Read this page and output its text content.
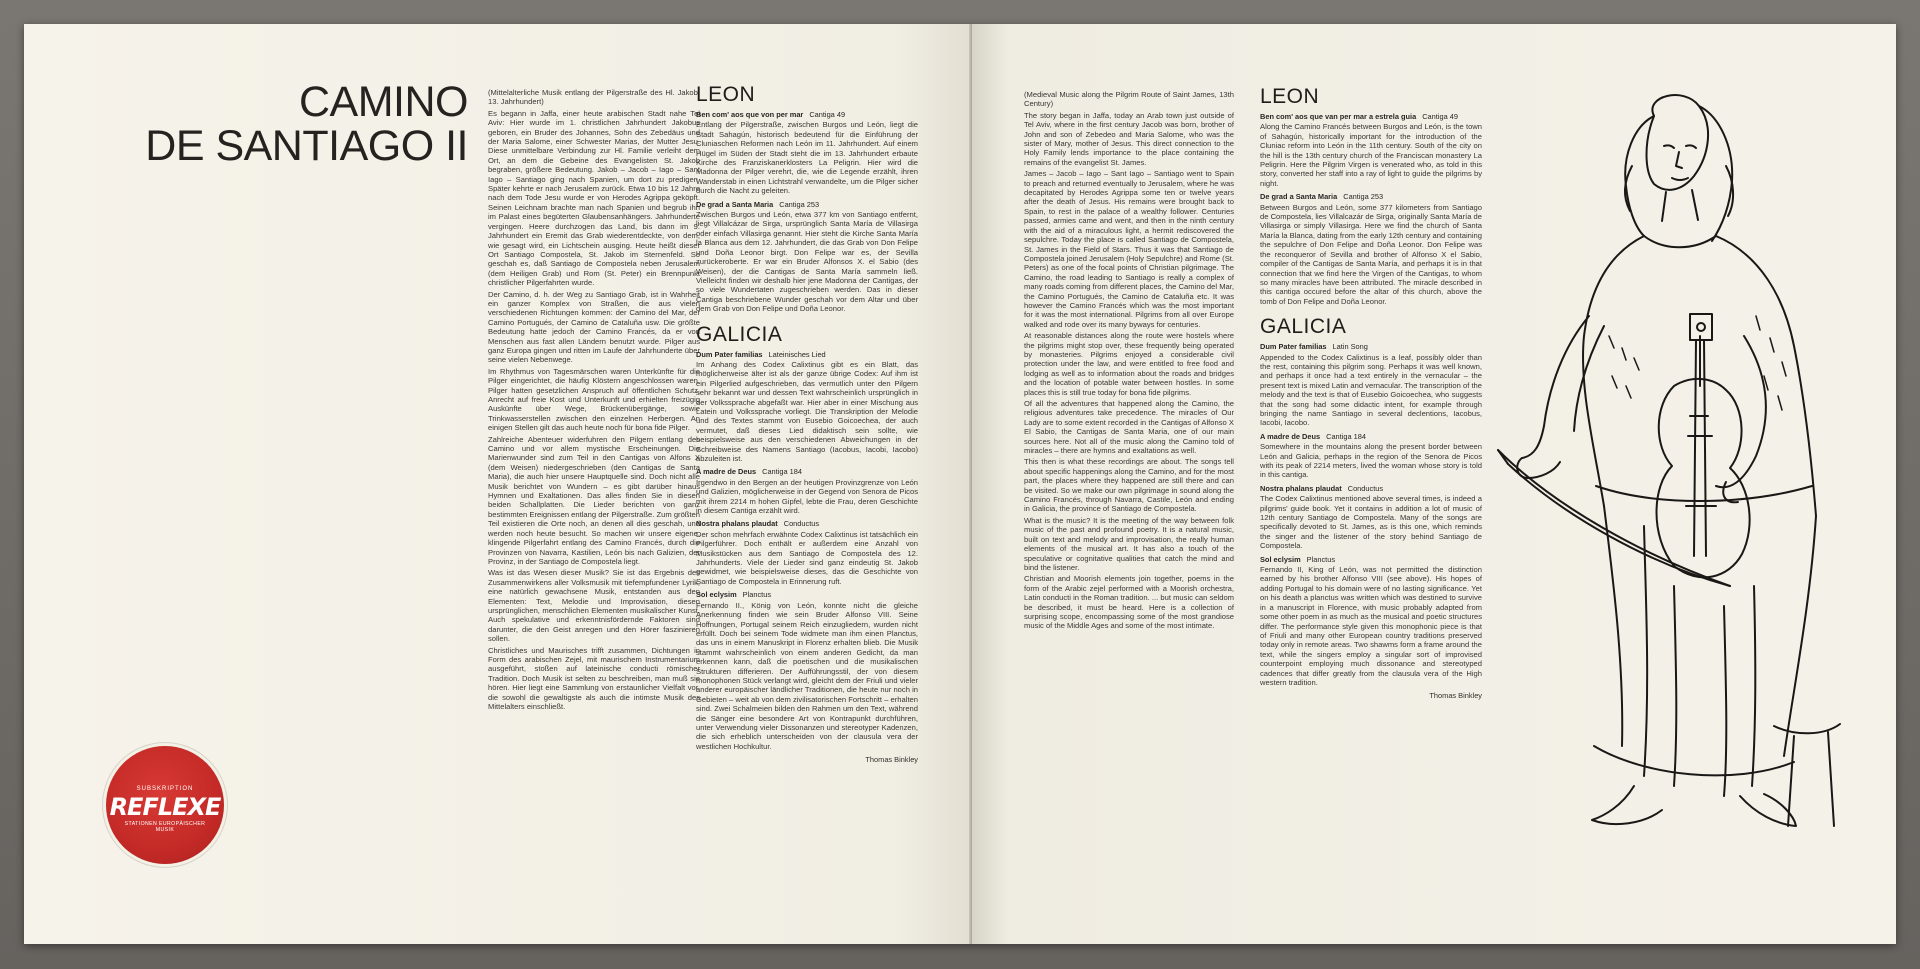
CAMINO
DE SANTIAGO II

(Mittelalterliche Musik entlang der Pilgerstraße des Hl. Jakob, 13. Jahrhundert)

Es begann in Jaffa, einer heute arabischen Stadt nahe Tel Aviv: Hier wurde im 1. christlichen Jahrhundert Jakobus geboren, ein Bruder des Johannes, Sohn des Zebedäus und der Maria Salome, einer Schwester Marias, der Mutter Jesu. Diese unmittelbare Verbindung zur Hl. Familie verleiht dem Ort, an dem die Gebeine des Evangelisten St. Jakob begraben, größere Bedeutung. Jakob – Jacob – Iago – Sant Iago – Santiago ging nach Spanien, um dort zu predigen. Später kehrte er nach Jerusalem zurück. Etwa 10 bis 12 Jahre nach dem Tode Jesu wurde er von Herodes Agrippa geköpft. Seinen Leichnam brachte man nach Spanien und begrub ihn im Palast eines begüterten Glaubensanhängers. Jahrhunderte vergingen. Heere durchzogen das Land, bis dann im 9. Jahrhundert ein Eremit das Grab wiederentdeckte, von dem, wie gesagt wird, ein Lichtschein ausging. Heute heißt dieser Ort Santiago Compostela, St. Jakob im Sternenfeld. So geschah es, daß Santiago de Compostela neben Jerusalem (dem Heiligen Grab) und Rom (St. Peter) ein Brennpunkt christlicher Pilgerfahrten wurde.

Der Camino, d. h. der Weg zu Santiago Grab, ist in Wahrheit ein ganzer Komplex von Straßen, die aus vielen verschiedenen Richtungen kommen: der Camino del Mar, der Camino Portugués, der Camino de Cataluña usw. Die größte Bedeutung hatte jedoch der Camino Francés, da er von Menschen aus fast allen Ländern benutzt wurde. Pilger aus ganz Europa gingen und ritten im Laufe der Jahrhunderte über seine vielen Nebenwege.

Im Rhythmus von Tagesmärschen waren Unterkünfte für die Pilger eingerichtet, die häufig Klöstern angeschlossen waren. Pilger hatten gesetzlichen Anspruch auf öffentlichen Schutz, Anrecht auf freie Kost und Unterkunft und erhielten freizügig Auskünfte über Wege, Brückenübergänge, sowie Trinkwasserstellen zwischen den einzelnen Herbergen. An einigen Stellen gilt das auch heute noch für bona fide Pilger.

Zahlreiche Abenteuer widerfuhren den Pilgern entlang des Camino und vor allem mystische Erscheinungen. Die Marienwunder sind zum Teil in den Cantigas von Alfons X (dem Weisen) niedergeschrieben (den Cantigas de Santa Maria), die auch hier unsere Hauptquelle sind. Doch nicht alle Musik berichtet von Wundern – es gibt darüber hinaus Hymnen und Exaltationen. Das alles finden Sie in diesen beiden Schallplatten. Die Lieder berichten von ganz bestimmten Ereignissen entlang der Pilgerstraße. Zum größten Teil existieren die Orte noch, an denen all dies geschah, und werden noch heute besucht. So machen wir unsere eigene, klingende Pilgerfahrt entlang des Camino Francés, durch die Provinzen von Navarra, Kastilien, León bis nach Galizien, der Provinz, in der Santiago de Compostela liegt.

Was ist das Wesen dieser Musik? Sie ist das Ergebnis des Zusammenwirkens aller Volksmusik mit tiefempfundener Lyrik, eine natürlich gewachsene Musik, entstanden aus den Elementen: Text, Melodie und Improvisation, diesen ursprünglichen, menschlichen Elementen musikalischer Kunst. Auch spekulative und erkenntnisfördernde Faktoren sind darunter, die den Geist anregen und den Hörer faszinieren sollen.

Christliches und Maurisches trifft zusammen, Dichtungen in Form des arabischen Zejel, mit maurischem Instrumentarium ausgeführt, stoßen auf lateinische conducti römischer Tradition. Doch Musik ist selten zu beschreiben, man muß sie hören. Hier liegt eine Sammlung von erstaunlicher Vielfalt vor, die sowohl die gewaltigste als auch die intimste Musik des Mittelalters einschließt.

LEON
Ben com' aos que von per mar Cantiga 49

Entlang der Pilgerstraße, zwischen Burgos und León, liegt die Stadt Sahagún, historisch bedeutend für die Einführung der Cluniaschen Reformen nach León im 11. Jahrhundert. Auf einem Hügel im Süden der Stadt steht die im 13. Jahrhundert erbaute Kirche des Franziskanerklosters La Peligrin. Hier wird die Madonna der Pilger verehrt, die, wie die Legende erzählt, ihren Wanderstab in einen Lichtstrahl verwandelte, um die Pilger sicher durch die Nacht zu geleiten.

De grad a Santa Maria Cantiga 253

Zwischen Burgos und León, etwa 377 km von Santiago entfernt, liegt Villalcázar de Sirga, ursprünglich Santa María de Villasirga oder einfach Villasirga genannt. Hier steht die Kirche Santa María la Blanca aus dem 12. Jahrhundert, die das Grab von Don Felipe und Doña Leonor birgt. Don Felipe war es, der Sevilla zurückeroberte. Er war ein Bruder Alfonsos X. el Sabio (des Weisen), der die Cantigas de Santa María sammeln ließ. Vielleicht finden wir deshalb hier jene Madonna der Cantigas, der so viele Wundertaten zugeschrieben werden. Das in dieser Cantiga beschriebene Wunder geschah vor dem Altar und über dem Grab von Don Felipe und Doña Leonor.

GALICIA
Dum Pater familias Lateinisches Lied

Im Anhang des Codex Calixtinus gibt es ein Blatt, das möglicherweise älter ist als der ganze übrige Codex: Auf ihm ist ein Pilgerlied aufgeschrieben, das vermutlich unter den Pilgern sehr bekannt war und dessen Text wahrscheinlich ursprünglich in der Volkssprache abgefaßt war. Hier aber in einer Mischung aus Latein und Volkssprache vorliegt. Die Transkription der Melodie und des Textes stammt von Eusebio Goicoechea, der auch vermutet, daß dieses Lied didaktisch sein sollte, wie beispielsweise aus den verschiedenen Abweichungen in der Schreibweise des Namens Santiago (Iacobus, Iacobi, Iacobo) abzuleiten ist.

A madre de Deus Cantiga 184

Irgendwo in den Bergen an der heutigen Provinzgrenze von León und Galizien, möglicherweise in der Gegend von Senora de Picos mit ihrem 2214 m hohen Gipfel, lebte die Frau, deren Geschichte in diesem Cantiga erzählt wird.

Nostra phalans plaudat Conductus

Der schon mehrfach erwähnte Codex Calixtinus ist tatsächlich ein Pilgerführer. Doch enthält er außerdem eine Anzahl von Musikstücken aus dem Santiago de Compostela des 12. Jahrhunderts. Viele der Lieder sind ganz eindeutig St. Jakob gewidmet, wie beispielsweise dieses, das die Geschichte von Santiago de Compostela in Erinnerung ruft.

Sol eclysim Planctus

Fernando II., König von León, konnte nicht die gleiche Anerkennung finden wie sein Bruder Alfonso VIII. Seine Hoffnungen, Portugal seinem Reich einzugliedern, wurden nicht erfüllt. Doch bei seinem Tode widmete man ihm einen Planctus, das uns in einem Manuskript in Florenz erhalten blieb. Die Musik stammt wahrscheinlich von einem anderen Gedicht, da man erkennen kann, daß die poetischen und die musikalischen Strukturen differieren. Der Aufführungsstil, der von diesem monophonen Stück verlangt wird, gleicht dem der Friuli und vieler anderer europäischer ländlicher Traditionen, die heute nur noch in Gebieten – weit ab von dem zivilisatorischen Fortschritt – erhalten sind. Zwei Schalmeien bilden den Rahmen um den Text, während die Sänger eine besondere Art von Kontrapunkt durchführen, unter Verwendung vieler Dissonanzen und stereotyper Kadenzen, die sich erheblich unterscheiden von der clausula vera der westlichen Hochkultur.

Thomas Binkley
SUBSKRIPTION
REFLEXE
STATIONEN EUROPÄISCHER MUSIK

(Medieval Music along the Pilgrim Route of Saint James, 13th Century)

The story began in Jaffa, today an Arab town just outside of Tel Aviv, where in the first century Jacob was born, brother of John and son of Zebedeo and Maria Salome, who was the sister of Mary, mother of Jesus. This direct connection to the Holy Family lends importance to the place containing the remains of the evangelist St. James.

James – Jacob – Iago – Sant Iago – Santiago went to Spain to preach and returned eventually to Jerusalem, where he was decapitated by Herodes Agrippa some ten or twelve years after the death of Jesus. His remains were brought back to Spain, to rest in the palace of a wealthy follower. Centuries passed, armies came and went, and then in the ninth century with the aid of a miraculous light, a hermit rediscovered the sepulchre. Today the place is called Santiago de Compostela, St. James in the Field of Stars. Thus it was that Santiago de Compostela joined Jerusalem (Holy Sepulchre) and Rome (St. Peters) as one of the focal points of Christian pilgrimage. The Camino, the road leading to Santiago is really a complex of many roads coming from different places, the Camino del Mar, the Camino Portugués, the Camino de Cataluña etc. It was however the Camino Francés which was the most important for it was the most international. Pilgrims from all over Europe walked and rode over its many byways for centuries.

At reasonable distances along the route were hostels where the pilgrims might stop over, these frequently being operated by monasteries. Pilgrims enjoyed a considerable civil protection under the law, and were entitled to free food and lodging as well as to information about the roads and bridges and the location of potable water between hostles. In some places this is still true today for bona fide pilgrims.

Of all the adventures that happened along the Camino, the religious adventures take precedence. The miracles of Our Lady are to some extent recorded in the Cantigas of Alfonso X El Sabio, the Cantigas de Santa Maria, one of our main sources here. Not all of the music along the Camino told of miracles – there are hymns and exaltations as well.

This then is what these recordings are about. The songs tell about specific happenings along the Camino, and for the most part, the places where they happened are still there and can be visited. So we make our own pilgrimage in sound along the Camino Francés, through Navarra, Castile, León and ending in Galicia, the province of Santiago de Compostela.

What is the music? It is the meeting of the way between folk music of the past and profound poetry. It is a natural music, built on text and melody and improvisation, the really human elements of the musical art. It has also a touch of the speculative or cognitative qualities that catch the mind and bind the listener.

Christian and Moorish elements join together, poems in the form of the Arabic zejel performed with a Moorish orchestra, Latin conducti in the Roman tradition. ... but music can seldom be described, it must be heard. Here is a collection of surprising scope, encompassing some of the most grandiose music of the Middle Ages and some of the most intimate.

LEON
Ben com' aos que van per mar a estrela guia Cantiga 49

Along the Camino Francés between Burgos and León, is the town of Sahagún, historically important for the introduction of the Cluniac reform into León in the 11th century. South of the city on the hill is the 13th century church of the Franciscan monastery La Peligrin. Here the Pilgrim Virgen is venerated who, as told in this story, converted her staff into a ray of light to guide the pilgrims by night.

De grad a Santa Maria Cantiga 253

Between Burgos and León, some 377 kilometers from Santiago de Compostela, lies Villalcazár de Sirga, originally Santa María de Villasirga or simply Villasirga. Here we find the church of Santa María la Blanca, dating from the early 12th century and containing the sepulchre of Don Felipe and Doña Leonor. Don Felipe was the reconqueror of Sevilla and brother of Alfonso X el Sabio, compiler of the Cantigas de Santa María, and perhaps it is in that connection that we find here the Virgen of the Cantigas, to whom so many miracles have been attributed. The miracle described in this cantiga occured before the altar of this church, above the tomb of Don Felipe and Doña Leonor.

GALICIA
Dum Pater familias Latin Song

Appended to the Codex Calixtinus is a leaf, possibly older than the rest, containing this pilgrim song. Perhaps it was well known, and perhaps it once had a text entirely in the vernacular – the present text is mixed Latin and vernacular. The transcription of the melody and the text is that of Eusebio Goicoechea, who suggests that the song had some didactic intent, for example through bringing the name Santiago in several declentions, Iacobus, Iacobi, Iacobo.

A madre de Deus Cantiga 184

Somewhere in the mountains along the present border between León and Galicia, perhaps in the region of the Senora de Picos with its peak of 2214 meters, lived the woman whose story is told in this cantiga.

Nostra phalans plaudat Conductus

The Codex Calixtinus mentioned above several times, is indeed a pilgrims' guide book. Yet it contains in addition a lot of music of 12th century Santiago de Compostela. Many of the songs are specifically devoted to St. James, as is this one, which reminds the singer and the listener of the story behind Santiago de Compostela.

Sol eclysim Planctus

Fernando II, King of León, was not permitted the distinction earned by his brother Alfonso VIII (see above). His hopes of adding Portugal to his domain were of no lasting significance. Yet on his death a planctus was written which was destined to survive in a manuscript in Florence, with music probably adapted from some other poem in as much as the musical and poetic structures differ. The performance style given this monophonic piece is that of Friuli and many other European country traditions preserved today only in remote areas. Two shawms form a frame around the text, while the singers employ a singular sort of improvised counterpoint employing much dissonance and stereotyped cadences that differ greatly from the clausula vera of the High western tradition.

Thomas Binkley
